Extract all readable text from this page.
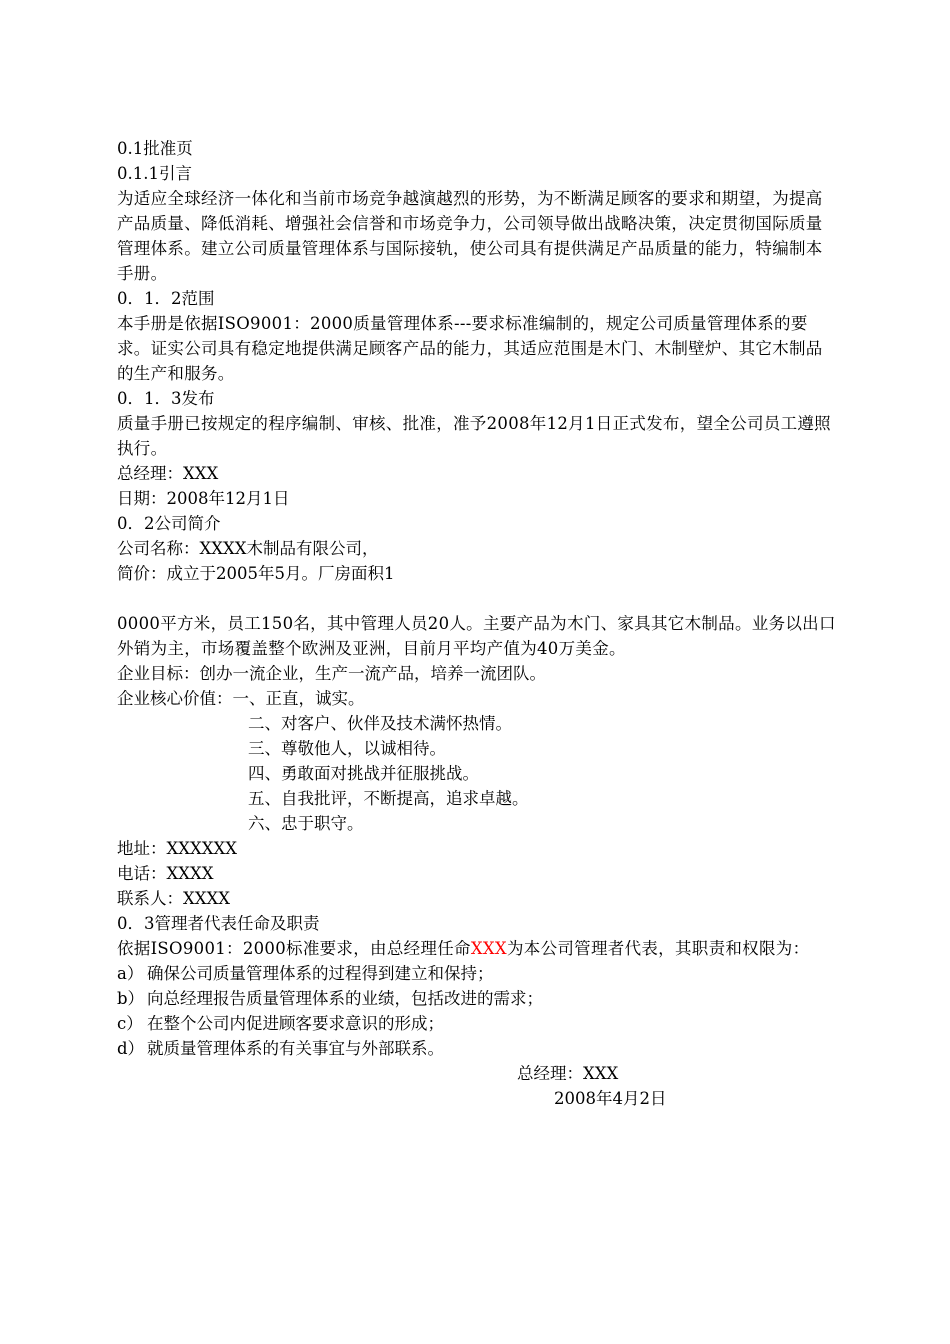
0.1批准页
0.1.1引言
为适应全球经济一体化和当前市场竞争越演越烈的形势，为不断满足顾客的要求和期望，为提高产品质量、降低消耗、增强社会信誉和市场竞争力，公司领导做出战略决策，决定贯彻国际质量管理体系。建立公司质量管理体系与国际接轨，使公司具有提供满足产品质量的能力，特编制本手册。
0．1．2范围
本手册是依据ISO9001：2000质量管理体系---要求标准编制的，规定公司质量管理体系的要求。证实公司具有稳定地提供满足顾客产品的能力，其适应范围是木门、木制壁炉、其它木制品的生产和服务。
0．1．3发布
质量手册已按规定的程序编制、审核、批准，准予2008年12月1日正式发布，望全公司员工遵照执行。
总经理：XXX
日期：2008年12月1日
0．2公司简介
公司名称：XXXX木制品有限公司，
简价：成立于2005年5月。厂房面积1
0000平方米，员工150名，其中管理人员20人。主要产品为木门、家具其它木制品。业务以出口外销为主，市场覆盖整个欧洲及亚洲，目前月平均产值为40万美金。
企业目标：创办一流企业，生产一流产品，培养一流团队。
企业核心价值：一、正直，诚实。
二、对客户、伙伴及技术满怀热情。
三、尊敬他人，以诚相待。
四、勇敢面对挑战并征服挑战。
五、自我批评，不断提高，追求卓越。
六、忠于职守。
地址：XXXXXX
电话：XXXX
联系人：XXXX
0．3管理者代表任命及职责
依据ISO9001：2000标准要求，由总经理任命XXX为本公司管理者代表，其职责和权限为：
a） 确保公司质量管理体系的过程得到建立和保持；
b） 向总经理报告质量管理体系的业绩，包括改进的需求；
c） 在整个公司内促进顾客要求意识的形成；
d） 就质量管理体系的有关事宜与外部联系。
总经理：XXX
2008年4月2日
